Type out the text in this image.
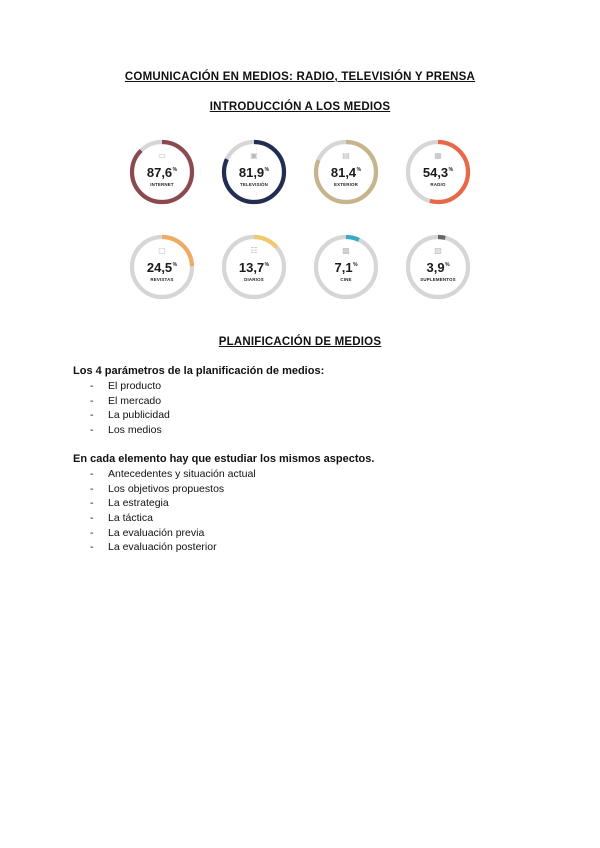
COMUNICACIÓN EN MEDIOS: RADIO, TELEVISIÓN Y PRENSA
INTRODUCCIÓN A LOS MEDIOS
▭
87,6%
INTERNET
▣
81,9%
TELEVISIÓN
▤
81,4%
EXTERIOR
▦
54,3%
RADIO
▢
24,5%
REVISTAS
☷
13,7%
DIARIOS
▩
7,1%
CINE
▨
3,9%
SUPLEMENTOS
PLANIFICACIÓN DE MEDIOS

Los 4 parámetros de la planificación de medios:

- El producto
- El mercado
- La publicidad
- Los medios

En cada elemento hay que estudiar los mismos aspectos.

- Antecedentes y situación actual
- Los objetivos propuestos
- La estrategia
- La táctica
- La evaluación previa
- La evaluación posterior
